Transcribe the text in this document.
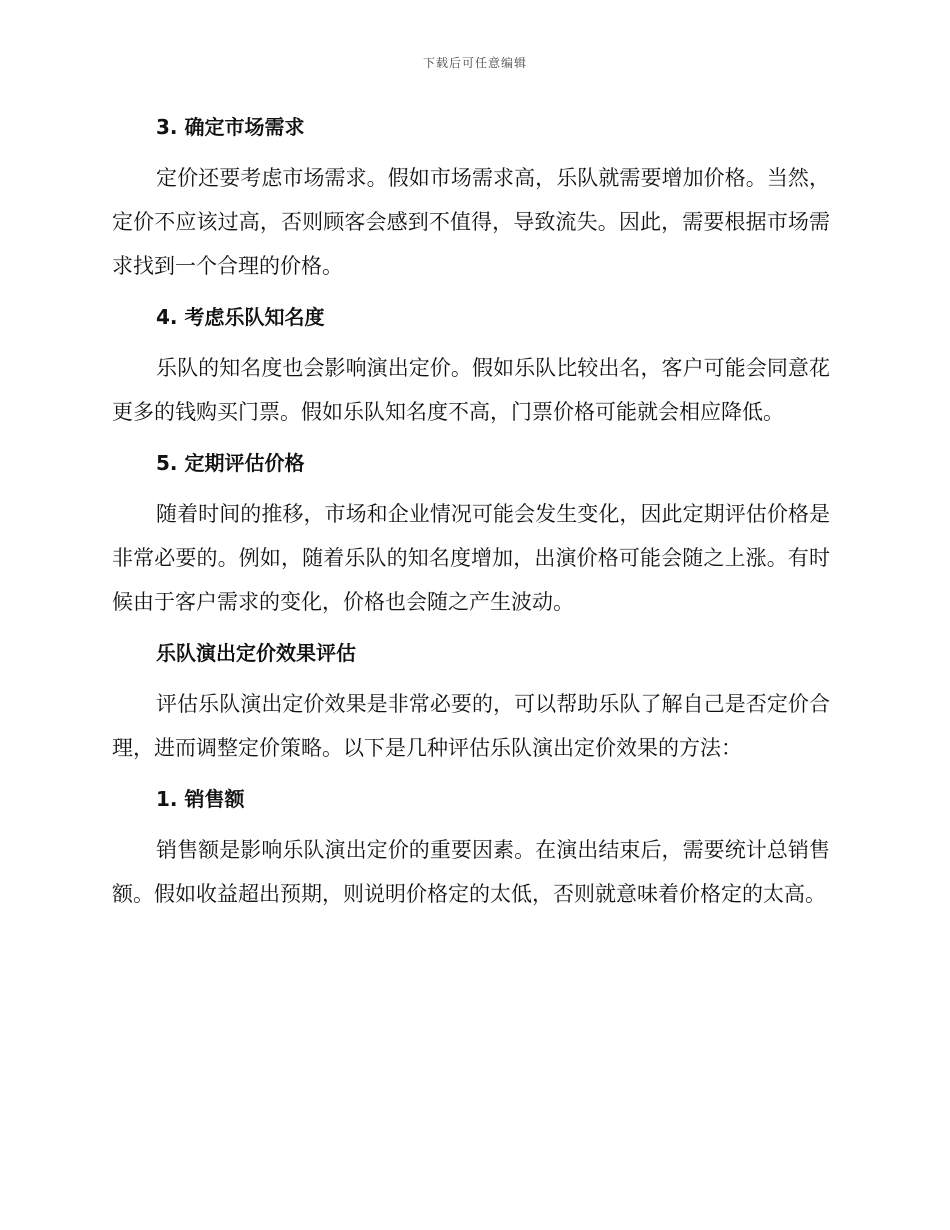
下载后可任意编辑
3. 确定市场需求

定价还要考虑市场需求。假如市场需求高，乐队就需要增加价格。当然，定价不应该过高，否则顾客会感到不值得，导致流失。因此，需要根据市场需求找到一个合理的价格。

4. 考虑乐队知名度

乐队的知名度也会影响演出定价。假如乐队比较出名，客户可能会同意花更多的钱购买门票。假如乐队知名度不高，门票价格可能就会相应降低。

5. 定期评估价格

随着时间的推移，市场和企业情况可能会发生变化，因此定期评估价格是非常必要的。例如，随着乐队的知名度增加，出演价格可能会随之上涨。有时候由于客户需求的变化，价格也会随之产生波动。

乐队演出定价效果评估

评估乐队演出定价效果是非常必要的，可以帮助乐队了解自己是否定价合理，进而调整定价策略。以下是几种评估乐队演出定价效果的方法：

1. 销售额

销售额是影响乐队演出定价的重要因素。在演出结束后，需要统计总销售额。假如收益超出预期，则说明价格定的太低，否则就意味着价格定的太高。
